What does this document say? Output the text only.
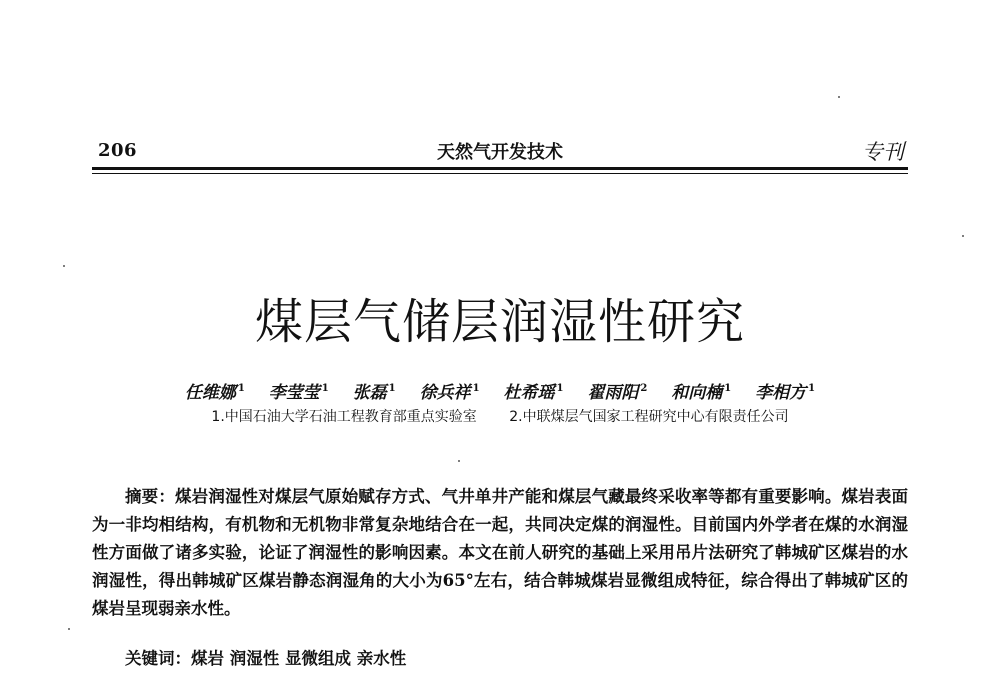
206	天然气开发技术	专刊
煤层气储层润湿性研究
任维娜 $^1$ 李莹莹 $^1$ 张磊 $^1$ 徐兵祥 $^1$ 杜希瑶 $^1$ 翟雨阳 $^2$ 和向楠 $^1$ 李相方 $^1$
1.中国石油大学石油工程教育部重点实验室 2.中联煤层气国家工程研究中心有限责任公司
摘要：煤岩润湿性对煤层气原始赋存方式、气井单井产能和煤层气藏最终采收率等都有重要影响。煤岩表面为一非均相结构，有机物和无机物非常复杂地结合在一起，共同决定煤的润湿性。目前国内外学者在煤的水润湿性方面做了诸多实验，论证了润湿性的影响因素。本文在前人研究的基础上采用吊片法研究了韩城矿区煤岩的水润湿性，得出韩城矿区煤岩静态润湿角的大小为65°左右，结合韩城煤岩显微组成特征，综合得出了韩城矿区的煤岩呈现弱亲水性。
关键词：煤岩 润湿性 显微组成 亲水性
